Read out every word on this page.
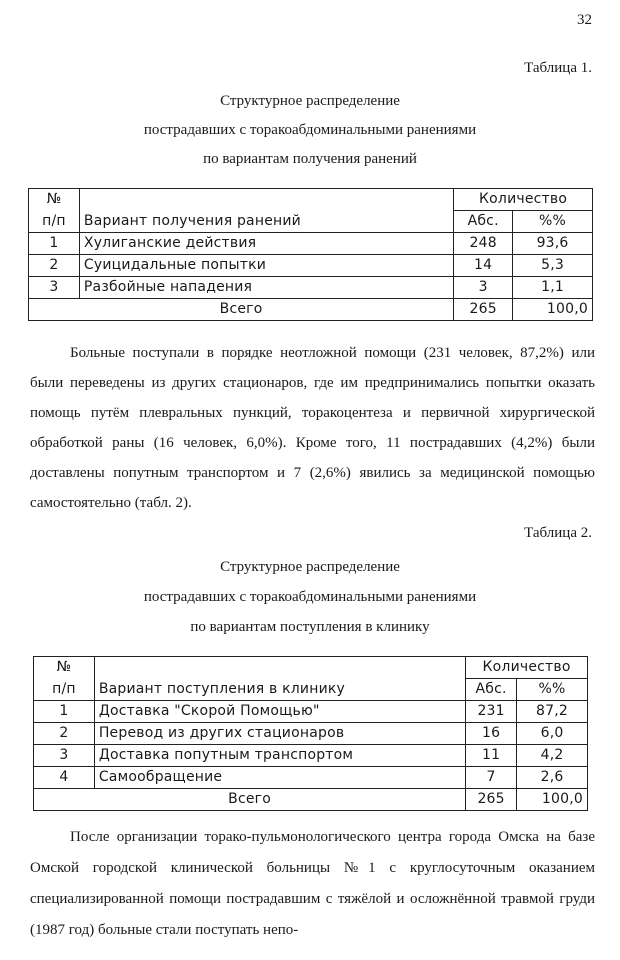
32
Таблица 1.
Структурное распределение
пострадавших с торакоабдоминальными ранениями
по вариантам получения ранений
№		Количество	
п/п	Вариант получения ранений	Абс.	%%
1	Хулиганские действия	248	93,6
2	Суицидальные попытки	14	5,3
3	Разбойные нападения	3	1,1
Всего		265	100,0

Больные поступали в порядке неотложной помощи (231 человек, 87,2%) или были переведены из других стационаров, где им предпринимались попытки оказать помощь путём плевральных пункций, торакоцентеза и первичной хирургической обработкой раны (16 человек, 6,0%). Кроме того, 11 пострадавших (4,2%) были доставлены попутным транспортом и 7 (2,6%) явились за медицинской помощью самостоятельно (табл. 2).

Таблица 2.
Структурное распределение
пострадавших с торакоабдоминальными ранениями
по вариантам поступления в клинику
№		Количество	
п/п	Вариант поступления в клинику	Абс.	%%
1	Доставка "Скорой Помощью"	231	87,2
2	Перевод из других стационаров	16	6,0
3	Доставка попутным транспортом	11	4,2
4	Самообращение	7	2,6
Всего		265	100,0

После организации торако-пульмонологического центра города Омска на базе Омской городской клинической больницы №1 с круглосуточным оказанием специализированной помощи пострадавшим с тяжёлой и осложнённой травмой груди (1987 год) больные стали поступать непо-
